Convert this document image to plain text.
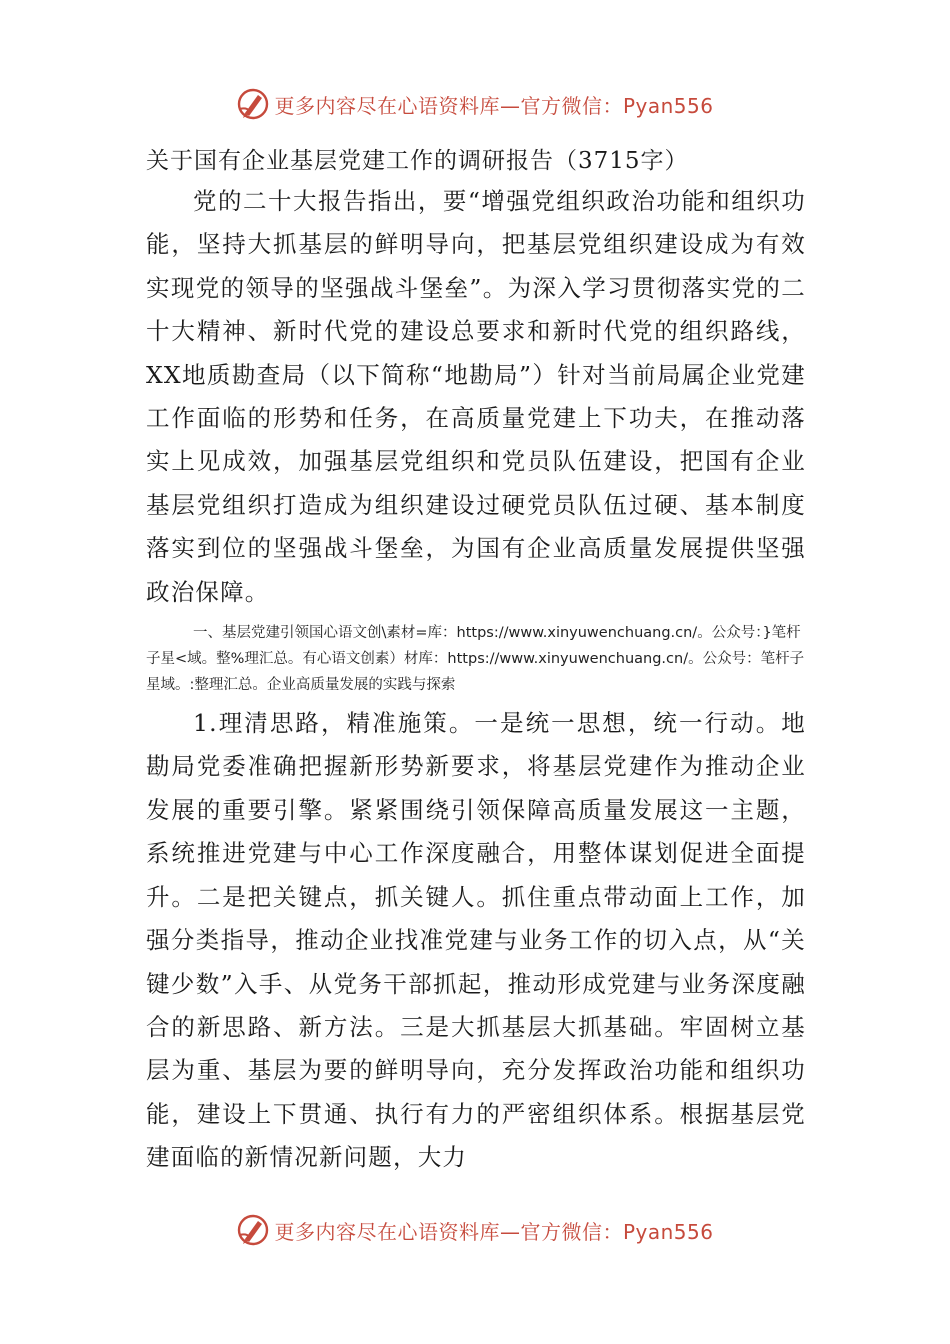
更多内容尽在心语资料库—官方微信：Pyan556

关于国有企业基层党建工作的调研报告（3715字）

党的二十大报告指出，要“增强党组织政治功能和组织功能，坚持大抓基层的鲜明导向，把基层党组织建设成为有效实现党的领导的坚强战斗堡垒”。为深入学习贯彻落实党的二十大精神、新时代党的建设总要求和新时代党的组织路线，XX地质勘查局（以下简称“地勘局”）针对当前局属企业党建工作面临的形势和任务，在高质量党建上下功夫，在推动落实上见成效，加强基层党组织和党员队伍建设，把国有企业基层党组织打造成为组织建设过硬党员队伍过硬、基本制度落实到位的坚强战斗堡垒，为国有企业高质量发展提供坚强政治保障。

一、基层党建引领国心语文创\素材=库：https://www.xinyuwenchuang.cn/。公众号：}笔杆子星<域。整%理汇总。有心语文创素）材库：https://www.xinyuwenchuang.cn/。公众号：笔杆子星域。:整理汇总。企业高质量发展的实践与探索

1.理清思路，精准施策。一是统一思想，统一行动。地勘局党委准确把握新形势新要求，将基层党建作为推动企业发展的重要引擎。紧紧围绕引领保障高质量发展这一主题，系统推进党建与中心工作深度融合，用整体谋划促进全面提升。二是把关键点，抓关键人。抓住重点带动面上工作，加强分类指导，推动企业找准党建与业务工作的切入点，从“关键少数”入手、从党务干部抓起，推动形成党建与业务深度融合的新思路、新方法。三是大抓基层大抓基础。牢固树立基层为重、基层为要的鲜明导向，充分发挥政治功能和组织功能，建设上下贯通、执行有力的严密组织体系。根据基层党建面临的新情况新问题，大力

更多内容尽在心语资料库—官方微信：Pyan556
